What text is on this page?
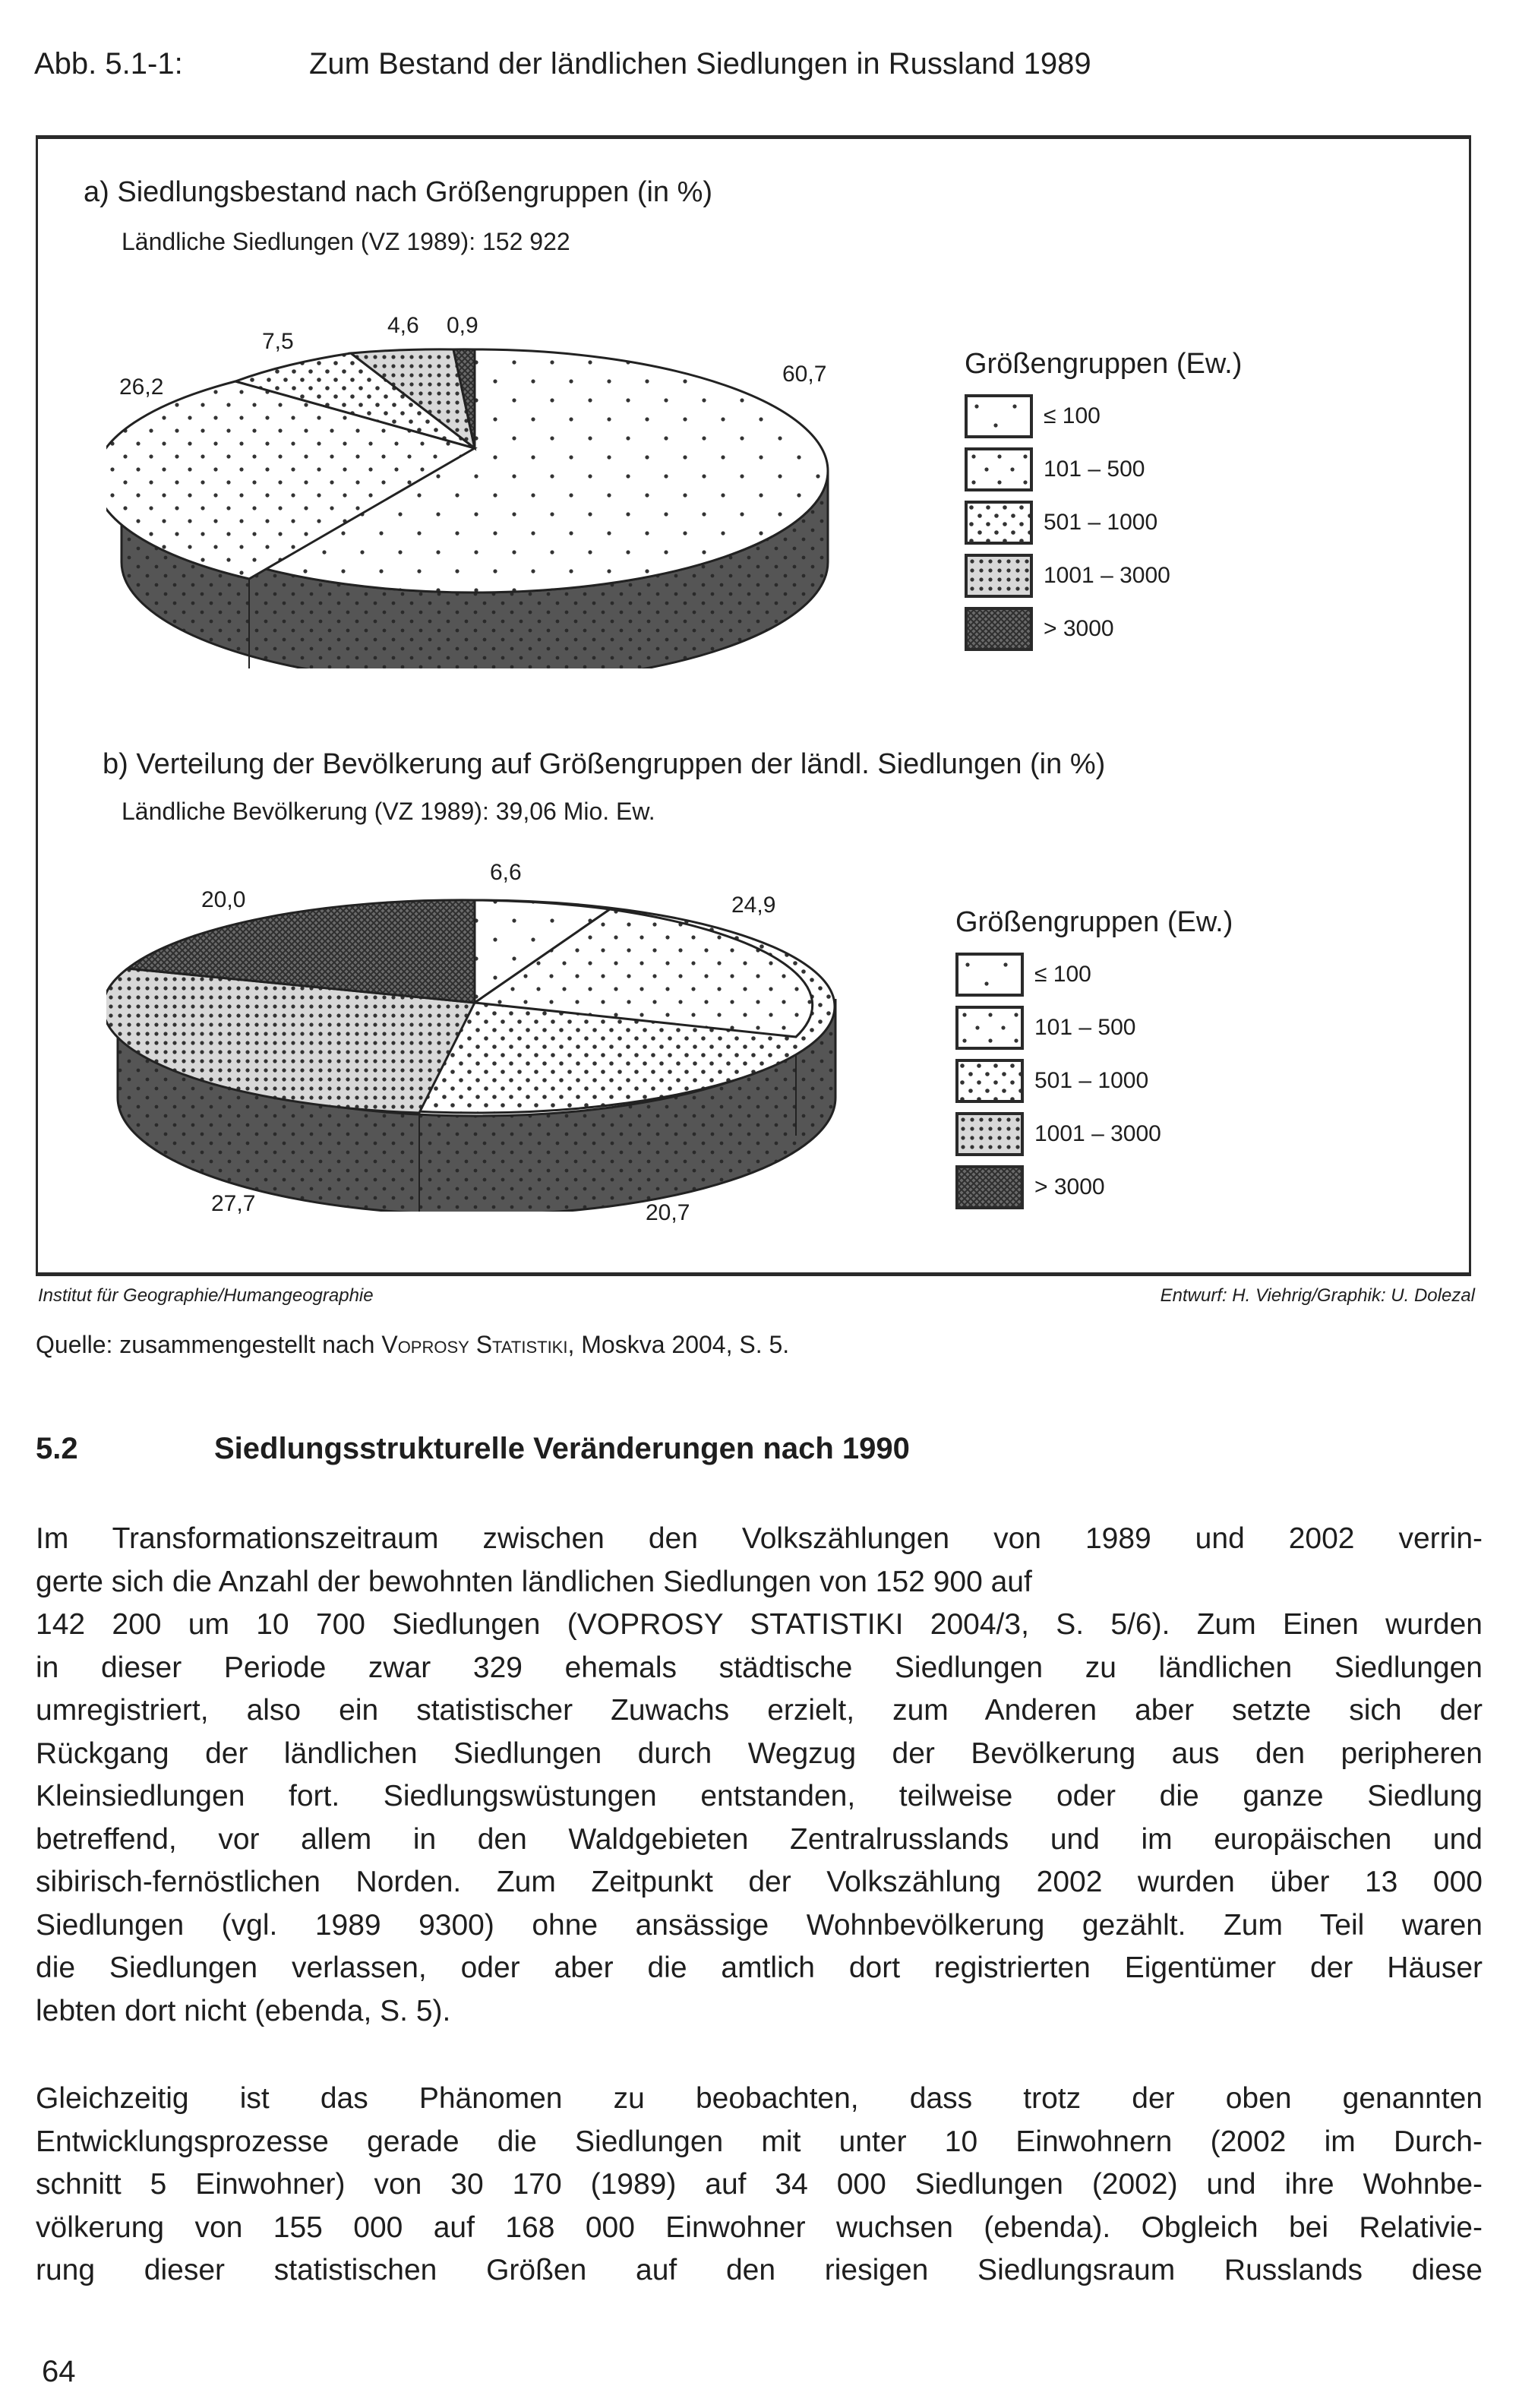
Abb. 5.1-1:	Zum Bestand der ländlichen Siedlungen in Russland 1989
a) Siedlungsbestand nach Größengruppen (in %)
Ländliche Siedlungen (VZ 1989): 152 922
60,7
26,2
7,5
4,6 0,9
Größengruppen (Ew.)
≤ 100
101 – 500
501 – 1000
1001 – 3000
> 3000
b) Verteilung der Bevölkerung auf Größengruppen der ländl. Siedlungen (in %)
Ländliche Bevölkerung (VZ 1989): 39,06 Mio. Ew.
6,6
24,9
20,7
27,7
20,0
Größengruppen (Ew.)
≤ 100
101 – 500
501 – 1000
1001 – 3000
> 3000
Institut für Geographie/Humangeographie	Entwurf: H. Viehrig/Graphik: U. Dolezal
Quelle: zusammengestellt nach Voprosy Statistiki, Moskva 2004, S. 5.
5.2	Siedlungsstrukturelle Veränderungen nach 1990
Im Transformationszeitraum zwischen den Volkszählungen von 1989 und 2002 verrin-
gerte sich die Anzahl der bewohnten ländlichen Siedlungen von 152 900 auf
142 200 um 10 700 Siedlungen (VOPROSY STATISTIKI 2004/3, S. 5/6). Zum Einen wurden
in dieser Periode zwar 329 ehemals städtische Siedlungen zu ländlichen Siedlungen
umregistriert, also ein statistischer Zuwachs erzielt, zum Anderen aber setzte sich der
Rückgang der ländlichen Siedlungen durch Wegzug der Bevölkerung aus den peripheren
Kleinsiedlungen fort. Siedlungswüstungen entstanden, teilweise oder die ganze Siedlung
betreffend, vor allem in den Waldgebieten Zentralrusslands und im europäischen und
sibirisch-fernöstlichen Norden. Zum Zeitpunkt der Volkszählung 2002 wurden über 13 000
Siedlungen (vgl. 1989 9300) ohne ansässige Wohnbevölkerung gezählt. Zum Teil waren
die Siedlungen verlassen, oder aber die amtlich dort registrierten Eigentümer der Häuser
lebten dort nicht (ebenda, S. 5).
Gleichzeitig ist das Phänomen zu beobachten, dass trotz der oben genannten
Entwicklungsprozesse gerade die Siedlungen mit unter 10 Einwohnern (2002 im Durch-
schnitt 5 Einwohner) von 30 170 (1989) auf 34 000 Siedlungen (2002) und ihre Wohnbe-
völkerung von 155 000 auf 168 000 Einwohner wuchsen (ebenda). Obgleich bei Relativie-
rung dieser statistischen Größen auf den riesigen Siedlungsraum Russlands diese
64
